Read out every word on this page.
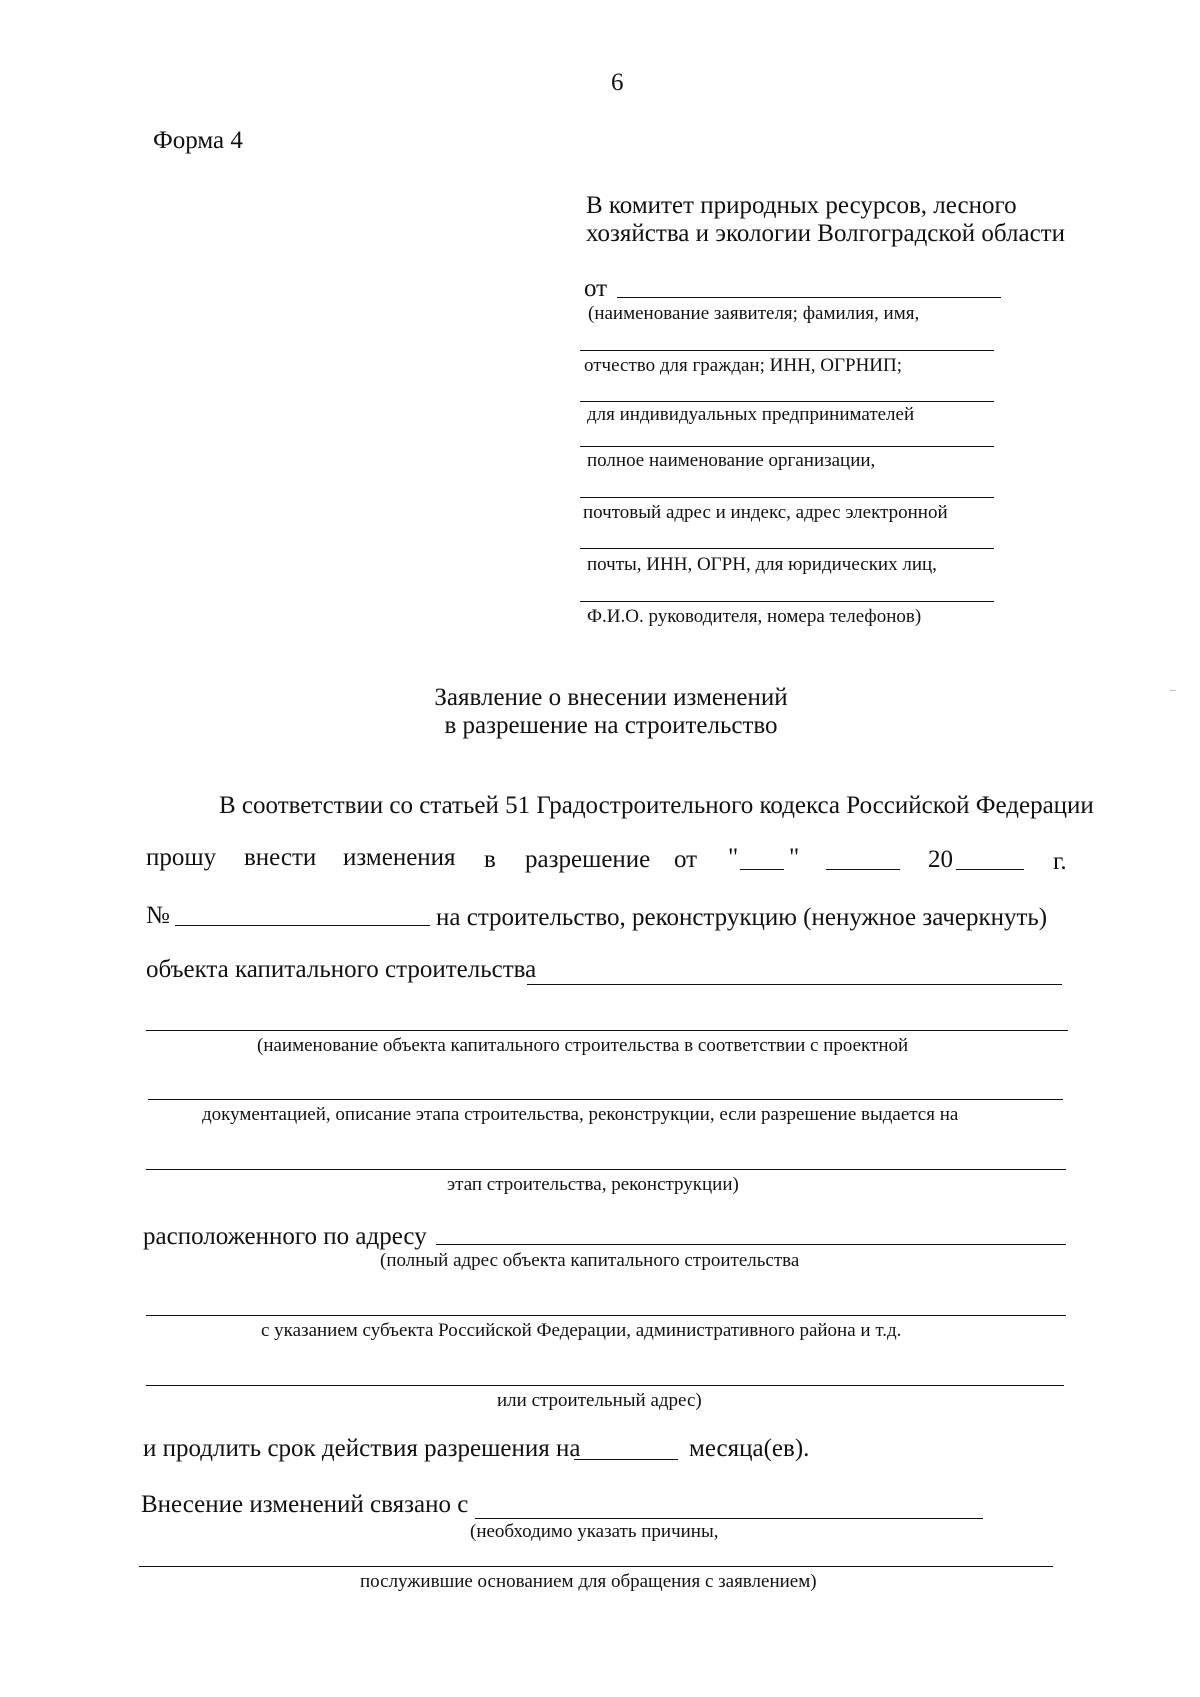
6
Форма 4
В комитет природных ресурсов, лесного
хозяйства и экологии Волгоградской области
от
(наименование заявителя; фамилия, имя,
отчество для граждан; ИНН, ОГРНИП;
для индивидуальных предпринимателей
полное наименование организации,
почтовый адрес и индекс, адрес электронной
почты, ИНН, ОГРН, для юридических лиц,
Ф.И.О. руководителя, номера телефонов)
Заявление о внесении изменений
в разрешение на строительство
В соответствии со статьей 51 Градостроительного кодекса Российской Федерации
прошу внести изменения в разрешение от " "	20	г.
№	на строительство, реконструкцию (ненужное зачеркнуть)
объекта капитального строительства
(наименование объекта капитального строительства в соответствии с проектной
документацией, описание этапа строительства, реконструкции, если разрешение выдается на
этап строительства, реконструкции)
расположенного по адресу
(полный адрес объекта капитального строительства
с указанием субъекта Российской Федерации, административного района и т.д.
или строительный адрес)
и продлить срок действия разрешения на	месяца(ев).
Внесение изменений связано с
(необходимо указать причины,
послужившие основанием для обращения с заявлением)
